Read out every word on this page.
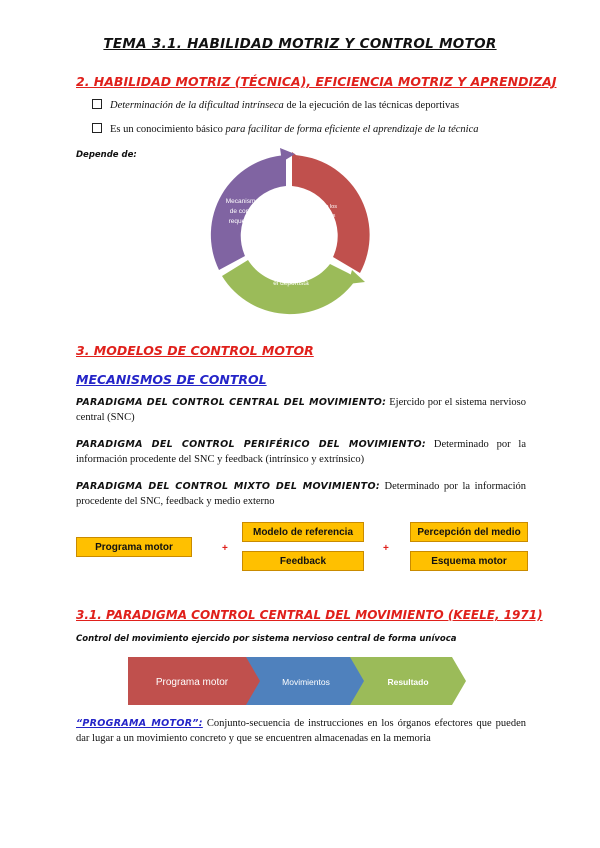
TEMA 3.1. HABILIDAD MOTRIZ Y CONTROL MOTOR
2. HABILIDAD MOTRIZ (TÉCNICA), EFICIENCIA MOTRIZ Y APRENDIZAJ
Determinación de la dificultad intrínseca de la ejecución de las técnicas deportivas
Es un conocimiento básico para facilitar de forma eficiente el aprendizaje de la técnica
Depende de:
Mecanismos
de control
requeridos
Caract. de los
movimientos
Recursos de
el deportista
3. MODELOS DE CONTROL MOTOR
MECANISMOS DE CONTROL
PARADIGMA DEL CONTROL CENTRAL DEL MOVIMIENTO: Ejercido por el sistema nervioso central (SNC)
PARADIGMA DEL CONTROL PERIFÉRICO DEL MOVIMIENTO: Determinado por la información procedente del SNC y feedback (intrínsico y extrínsico)
PARADIGMA DEL CONTROL MIXTO DEL MOVIMIENTO: Determinado por la información procedente del SNC, feedback y medio externo
Programa motor	+
Modelo de referencia
Feedback
+
Percepción del medio
Esquema motor
3.1. PARADIGMA CONTROL CENTRAL DEL MOVIMIENTO (KEELE, 1971)
Control del movimiento ejercido por sistema nervioso central de forma unívoca
Programa motor	Movimientos	Resultado
“PROGRAMA MOTOR”: Conjunto-secuencia de instrucciones en los órganos efectores que pueden dar lugar a un movimiento concreto y que se encuentren almacenadas en la memoria
